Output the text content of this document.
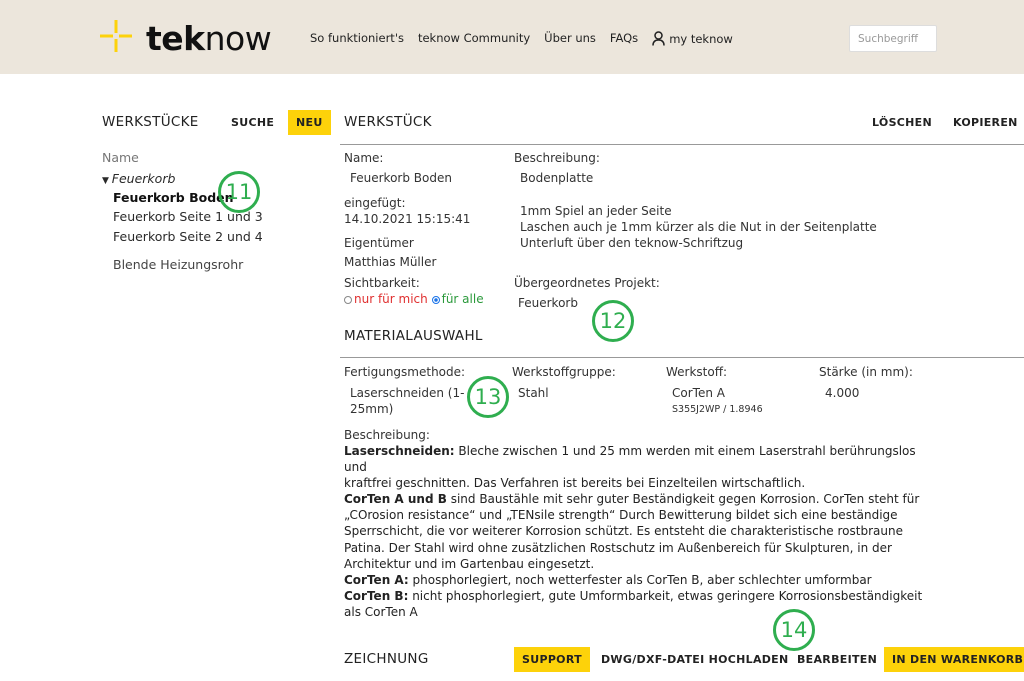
teknow	So funktioniert's teknow Community Über uns FAQs	my teknow	Suchbegriff
WERKSTÜCKE	SUCHE	NEU
Name
▼ Feuerkorb
Feuerkorb Boden
Feuerkorb Seite 1 und 3
Feuerkorb Seite 2 und 4
Blende Heizungsrohr
WERKSTÜCK	LÖSCHEN KOPIEREN
Name:
Feuerkorb Boden
eingefügt:
14.10.2021 15:15:41
Eigentümer
Matthias Müller
Sichtbarkeit:
nur für mich für alle
Beschreibung:
Bodenplatte
1mm Spiel an jeder Seite
Laschen auch je 1mm kürzer als die Nut in der Seitenplatte
Unterluft über den teknow-Schriftzug
Übergeordnetes Projekt:
Feuerkorb
MATERIALAUSWAHL
Fertigungsmethode:
Laserschneiden (1-
25mm)
Werkstoffgruppe:
Stahl
Werkstoff:
CorTen A
S355J2WP / 1.8946
Stärke (in mm):
4.000
Beschreibung:
Laserschneiden: Bleche zwischen 1 und 25 mm werden mit einem Laserstrahl berührungslos und
kraftfrei geschnitten. Das Verfahren ist bereits bei Einzelteilen wirtschaftlich.
CorTen A und B sind Baustähle mit sehr guter Beständigkeit gegen Korrosion. CorTen steht für
„COrosion resistance“ und „TENsile strength“ Durch Bewitterung bildet sich eine beständige
Sperrschicht, die vor weiterer Korrosion schützt. Es entsteht die charakteristische rostbraune
Patina. Der Stahl wird ohne zusätzlichen Rostschutz im Außenbereich für Skulpturen, in der
Architektur und im Gartenbau eingesetzt.
CorTen A: phosphorlegiert, noch wetterfester als CorTen B, aber schlechter umformbar
CorTen B: nicht phosphorlegiert, gute Umformbarkeit, etwas geringere Korrosionsbeständigkeit
als CorTen A
ZEICHNUNG	SUPPORT	DWG/DXF-DATEI HOCHLADEN BEARBEITEN	IN DEN WARENKORB
11
12
13
14
